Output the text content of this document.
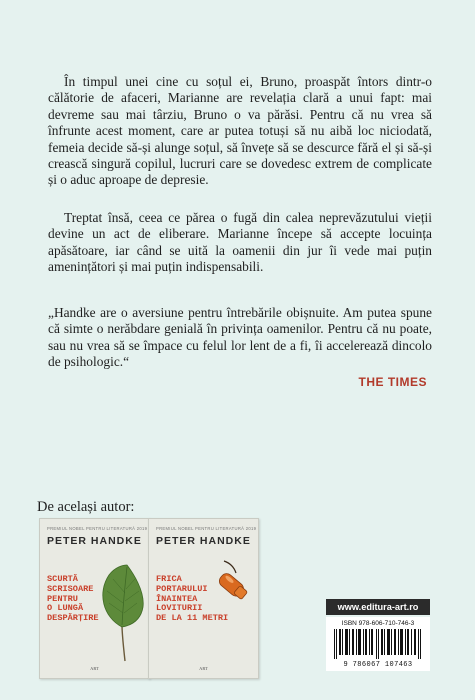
În timpul unei cine cu soțul ei, Bruno, proaspăt întors dintr-o călătorie de afaceri, Marianne are revelația clară a unui fapt: mai devreme sau mai târziu, Bruno o va părăsi. Pentru că nu vrea să înfrunte acest moment, care ar putea totuși să nu aibă loc niciodată, femeia decide să-și alunge soțul, să învețe să se descurce fără el și să-și crească singură copilul, lucruri care se dovedesc extrem de complicate și o aduc aproape de depresie.

Treptat însă, ceea ce părea o fugă din calea neprevăzutului vieții devine un act de eliberare. Marianne începe să accepte locuința apăsătoare, iar când se uită la oamenii din jur îi vede mai puțin amenințători și mai puțin indispensabili.

„Handke are o aversiune pentru întrebările obișnuite. Am putea spune că simte o nerăbdare genială în privința oamenilor. Pentru că nu poate, sau nu vrea să se împace cu felul lor lent de a fi, îi accelerează dincolo de psihologic.“

THE TIMES
De același autor:
PREMIUL NOBEL PENTRU LITERATURĂ 2019
PETER HANDKE
SCURTĂ
SCRISOARE
PENTRU
O LUNGĂ
DESPĂRȚIRE
ART
PREMIUL NOBEL PENTRU LITERATURĂ 2019
PETER HANDKE
FRICA
PORTARULUI
ÎNAINTEA
LOVITURII
DE LA 11 METRI
ART
www.editura-art.ro
ISBN 978-606-710-746-3
9 786067 107463
